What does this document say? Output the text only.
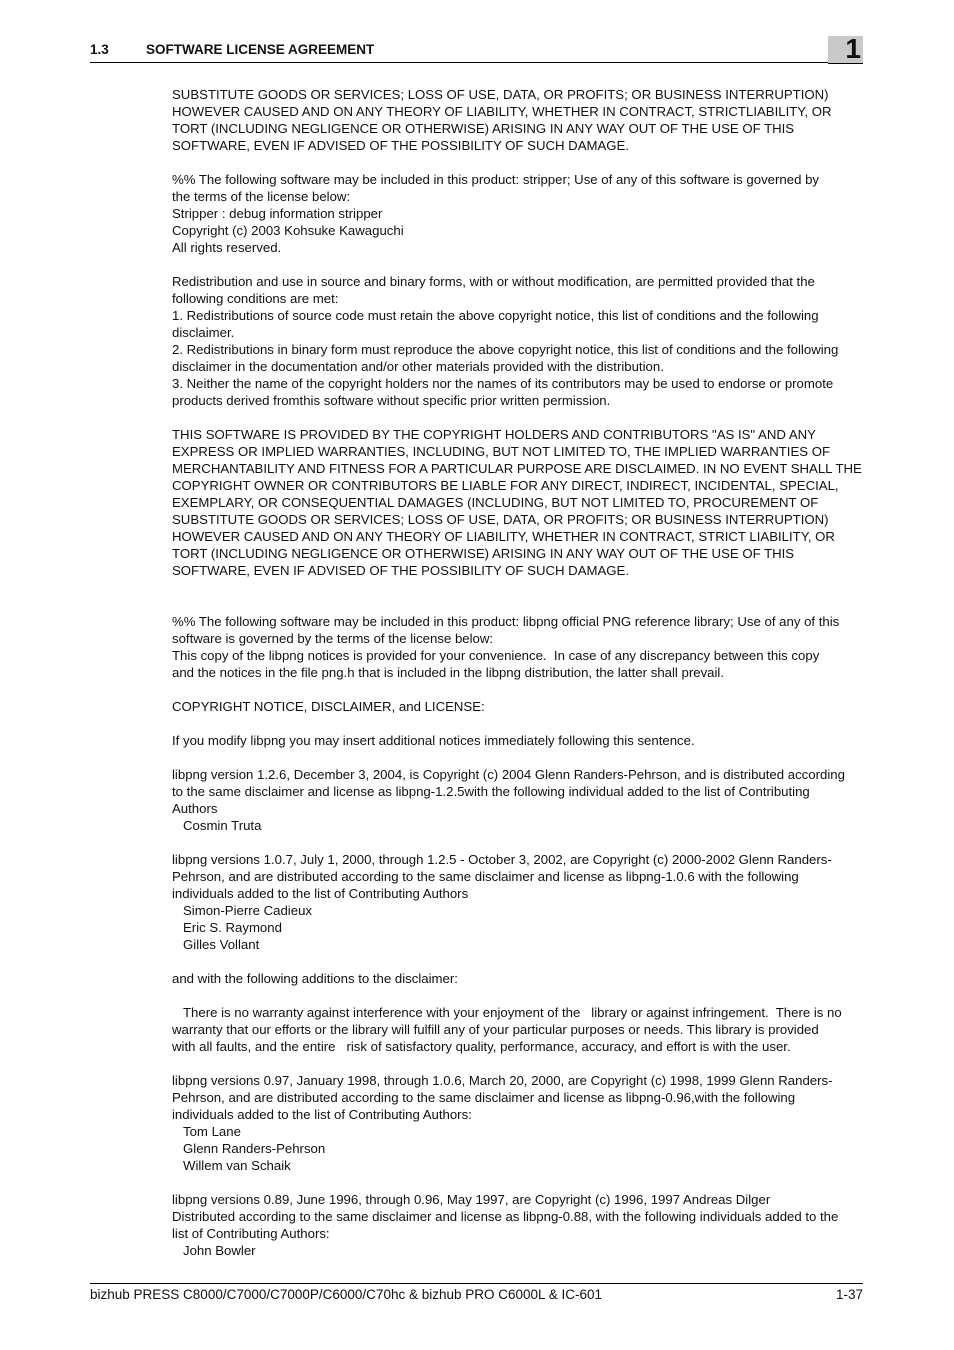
1.3	SOFTWARE LICENSE AGREEMENT	1
SUBSTITUTE GOODS OR SERVICES; LOSS OF USE, DATA, OR PROFITS; OR BUSINESS INTERRUPTION)
HOWEVER CAUSED AND ON ANY THEORY OF LIABILITY, WHETHER IN CONTRACT, STRICTLIABILITY, OR
TORT (INCLUDING NEGLIGENCE OR OTHERWISE) ARISING IN ANY WAY OUT OF THE USE OF THIS
SOFTWARE, EVEN IF ADVISED OF THE POSSIBILITY OF SUCH DAMAGE.
%% The following software may be included in this product: stripper; Use of any of this software is governed by
the terms of the license below:
Stripper : debug information stripper
Copyright (c) 2003 Kohsuke Kawaguchi
All rights reserved.
Redistribution and use in source and binary forms, with or without modification, are permitted provided that the
following conditions are met:
1. Redistributions of source code must retain the above copyright notice, this list of conditions and the following
disclaimer.
2. Redistributions in binary form must reproduce the above copyright notice, this list of conditions and the following
disclaimer in the documentation and/or other materials provided with the distribution.
3. Neither the name of the copyright holders nor the names of its contributors may be used to endorse or promote
products derived fromthis software without specific prior written permission.
THIS SOFTWARE IS PROVIDED BY THE COPYRIGHT HOLDERS AND CONTRIBUTORS "AS IS" AND ANY
EXPRESS OR IMPLIED WARRANTIES, INCLUDING, BUT NOT LIMITED TO, THE IMPLIED WARRANTIES OF
MERCHANTABILITY AND FITNESS FOR A PARTICULAR PURPOSE ARE DISCLAIMED. IN NO EVENT SHALL THE
COPYRIGHT OWNER OR CONTRIBUTORS BE LIABLE FOR ANY DIRECT, INDIRECT, INCIDENTAL, SPECIAL,
EXEMPLARY, OR CONSEQUENTIAL DAMAGES (INCLUDING, BUT NOT LIMITED TO, PROCUREMENT OF
SUBSTITUTE GOODS OR SERVICES; LOSS OF USE, DATA, OR PROFITS; OR BUSINESS INTERRUPTION)
HOWEVER CAUSED AND ON ANY THEORY OF LIABILITY, WHETHER IN CONTRACT, STRICT LIABILITY, OR
TORT (INCLUDING NEGLIGENCE OR OTHERWISE) ARISING IN ANY WAY OUT OF THE USE OF THIS
SOFTWARE, EVEN IF ADVISED OF THE POSSIBILITY OF SUCH DAMAGE.
%% The following software may be included in this product: libpng official PNG reference library; Use of any of this
software is governed by the terms of the license below:
This copy of the libpng notices is provided for your convenience.  In case of any discrepancy between this copy
and the notices in the file png.h that is included in the libpng distribution, the latter shall prevail.
COPYRIGHT NOTICE, DISCLAIMER, and LICENSE:
If you modify libpng you may insert additional notices immediately following this sentence.
libpng version 1.2.6, December 3, 2004, is Copyright (c) 2004 Glenn Randers-Pehrson, and is distributed according
to the same disclaimer and license as libpng-1.2.5with the following individual added to the list of Contributing
Authors
Cosmin Truta
libpng versions 1.0.7, July 1, 2000, through 1.2.5 - October 3, 2002, are Copyright (c) 2000-2002 Glenn Randers-
Pehrson, and are distributed according to the same disclaimer and license as libpng-1.0.6 with the following
individuals added to the list of Contributing Authors
Simon-Pierre Cadieux
Eric S. Raymond
Gilles Vollant
and with the following additions to the disclaimer:
There is no warranty against interference with your enjoyment of the   library or against infringement.  There is no
warranty that our efforts or the library will fulfill any of your particular purposes or needs. This library is provided
with all faults, and the entire   risk of satisfactory quality, performance, accuracy, and effort is with the user.
libpng versions 0.97, January 1998, through 1.0.6, March 20, 2000, are Copyright (c) 1998, 1999 Glenn Randers-
Pehrson, and are distributed according to the same disclaimer and license as libpng-0.96,with the following
individuals added to the list of Contributing Authors:
Tom Lane
Glenn Randers-Pehrson
Willem van Schaik
libpng versions 0.89, June 1996, through 0.96, May 1997, are Copyright (c) 1996, 1997 Andreas Dilger
Distributed according to the same disclaimer and license as libpng-0.88, with the following individuals added to the
list of Contributing Authors:
John Bowler
bizhub PRESS C8000/C7000/C7000P/C6000/C70hc & bizhub PRO C6000L & IC-601	1-37
